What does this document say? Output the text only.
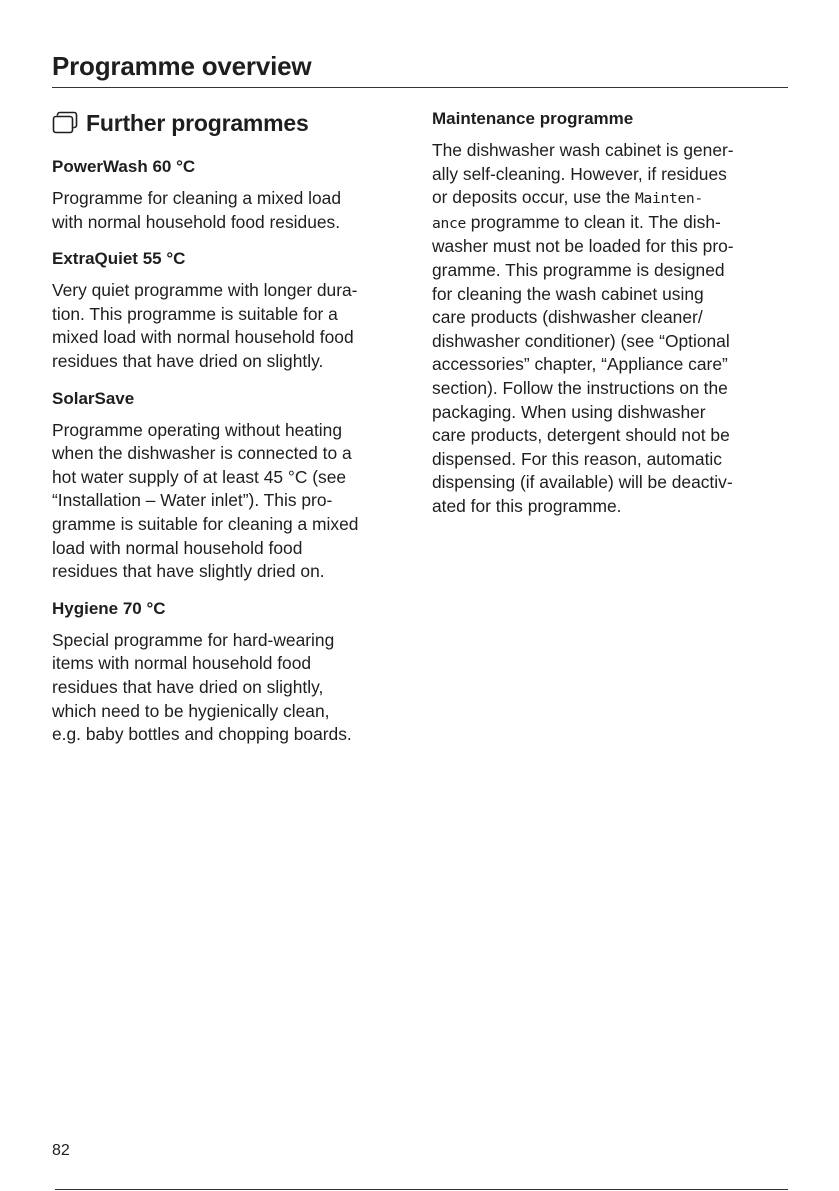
Programme overview
Further programmes
PowerWash 60 °C

Programme for cleaning a mixed load
with normal household food residues.

ExtraQuiet 55 °C

Very quiet programme with longer dura-
tion. This programme is suitable for a
mixed load with normal household food
residues that have dried on slightly.

SolarSave

Programme operating without heating
when the dishwasher is connected to a
hot water supply of at least 45 °C (see
“Installation – Water inlet”). This pro-
gramme is suitable for cleaning a mixed
load with normal household food
residues that have slightly dried on.

Hygiene 70 °C

Special programme for hard-wearing
items with normal household food
residues that have dried on slightly,
which need to be hygienically clean,
e.g. baby bottles and chopping boards.

Maintenance programme

The dishwasher wash cabinet is gener-
ally self-cleaning. However, if residues
or deposits occur, use the Mainten-
ance programme to clean it. The dish-
washer must not be loaded for this pro-
gramme. This programme is designed
for cleaning the wash cabinet using
care products (dishwasher cleaner/
dishwasher conditioner) (see “Optional
accessories” chapter, “Appliance care”
section). Follow the instructions on the
packaging. When using dishwasher
care products, detergent should not be
dispensed. For this reason, automatic
dispensing (if available) will be deactiv-
ated for this programme.

82
